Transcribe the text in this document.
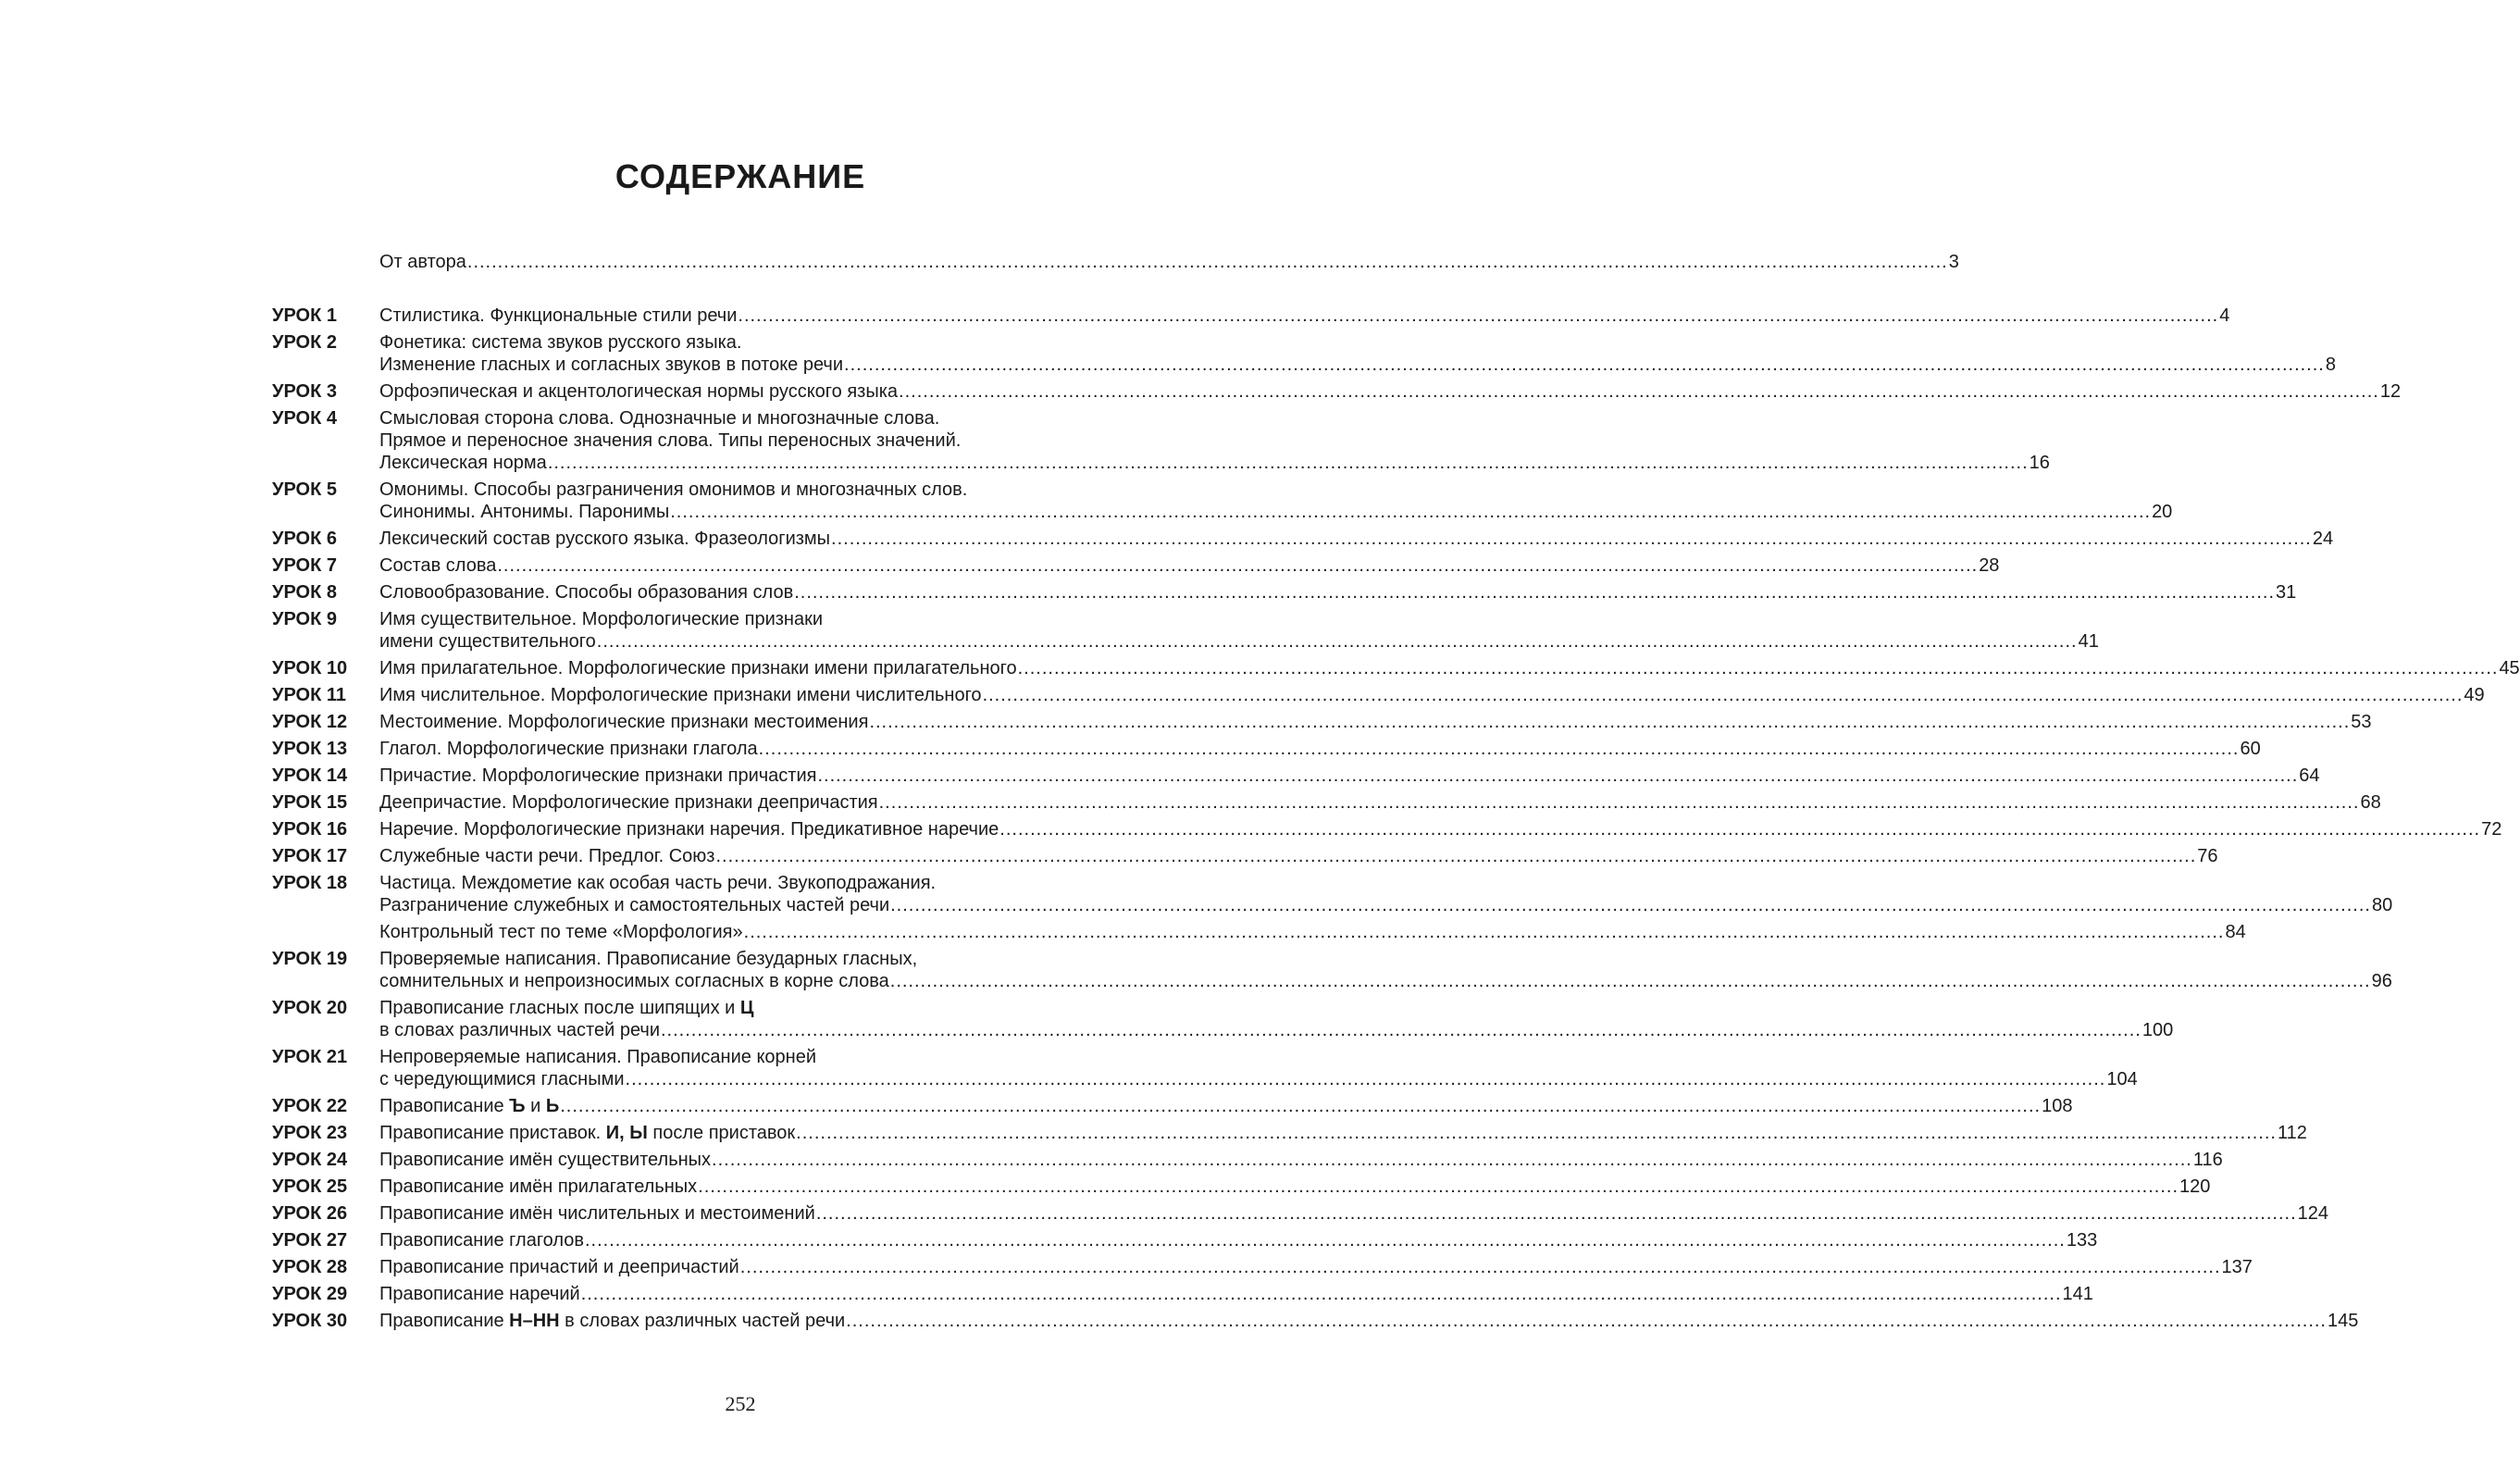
СОДЕРЖАНИЕ
От автора .....	3
УРОК 1	Стилистика. Функциональные стили речи .....	4
УРОК 2	Фонетика: система звуков русского языка.
Изменение гласных и согласных звуков в потоке речи .....	8
УРОК 3	Орфоэпическая и акцентологическая нормы русского языка .....	12
УРОК 4	Смысловая сторона слова. Однозначные и многозначные слова.
Прямое и переносное значения слова. Типы переносных значений.
Лексическая норма .....	16
УРОК 5	Омонимы. Способы разграничения омонимов и многозначных слов.
Синонимы. Антонимы. Паронимы .....	20
УРОК 6	Лексический состав русского языка. Фразеологизмы .....	24
УРОК 7	Состав слова .....	28
УРОК 8	Словообразование. Способы образования слов .....	31
УРОК 9	Имя существительное. Морфологические признаки
имени существительного .....	41
УРОК 10	Имя прилагательное. Морфологические признаки имени прилагательного .....	45
УРОК 11	Имя числительное. Морфологические признаки имени числительного .....	49
УРОК 12	Местоимение. Морфологические признаки местоимения .....	53
УРОК 13	Глагол. Морфологические признаки глагола .....	60
УРОК 14	Причастие. Морфологические признаки причастия .....	64
УРОК 15	Деепричастие. Морфологические признаки деепричастия .....	68
УРОК 16	Наречие. Морфологические признаки наречия. Предикативное наречие .....	72
УРОК 17	Служебные части речи. Предлог. Союз .....	76
УРОК 18	Частица. Междометие как особая часть речи. Звукоподражания.
Разграничение служебных и самостоятельных частей речи .....	80
Контрольный тест по теме «Морфология» .....	84
УРОК 19	Проверяемые написания. Правописание безударных гласных,
сомнительных и непроизносимых согласных в корне слова .....	96
УРОК 20	Правописание гласных после шипящих и Ц
в словах различных частей речи .....	100
УРОК 21	Непроверяемые написания. Правописание корней
с чередующимися гласными .....	104
УРОК 22	Правописание Ъ и Ь .....	108
УРОК 23	Правописание приставок. И, Ы после приставок .....	112
УРОК 24	Правописание имён существительных .....	116
УРОК 25	Правописание имён прилагательных .....	120
УРОК 26	Правописание имён числительных и местоимений .....	124
УРОК 27	Правописание глаголов .....	133
УРОК 28	Правописание причастий и деепричастий .....	137
УРОК 29	Правописание наречий .....	141
УРОК 30	Правописание Н–НН в словах различных частей речи .....	145
252
